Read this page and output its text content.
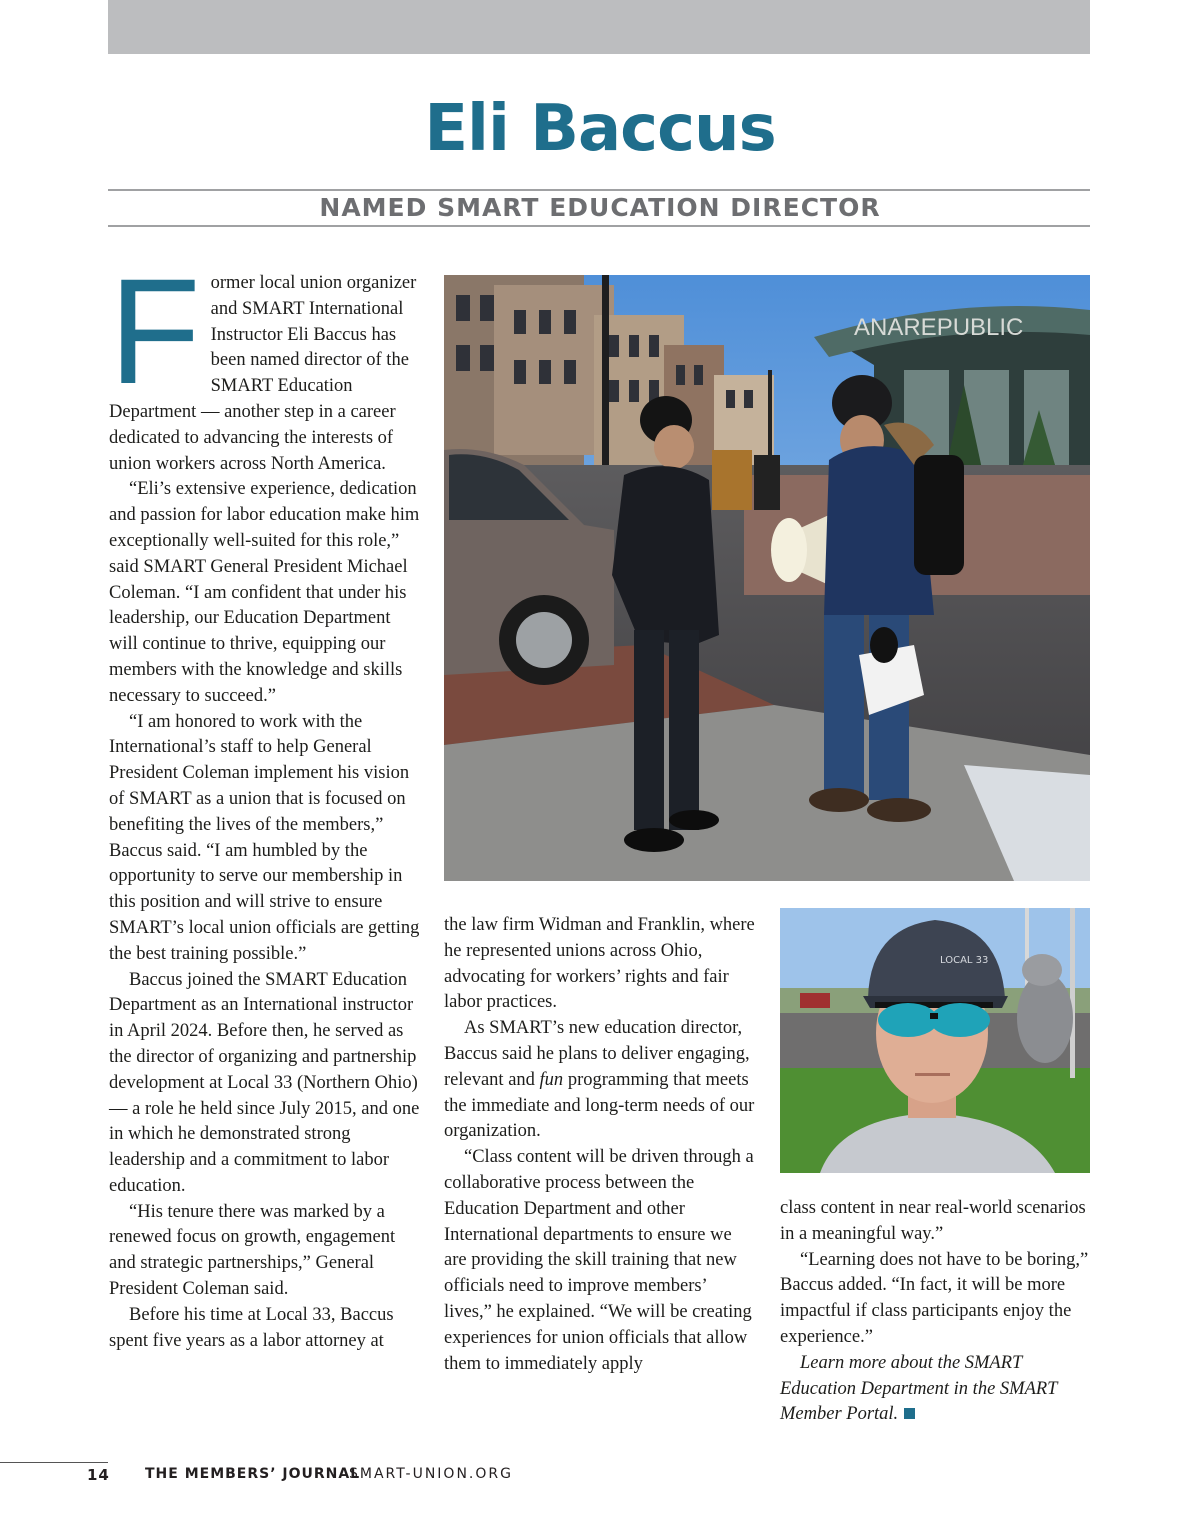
Eli Baccus
NAMED SMART EDUCATION DIRECTOR

Former local union organizer and SMART International Instructor Eli Baccus has been named director of the SMART Education Department — another step in a career dedicated to advancing the interests of union workers across North America.

“Eli’s extensive experience, dedication and passion for labor education make him exceptionally well-suited for this role,” said SMART General President Michael Coleman. “I am confident that under his leadership, our Education Department will continue to thrive, equipping our members with the knowledge and skills necessary to succeed.”

“I am honored to work with the International’s staff to help General President Coleman implement his vision of SMART as a union that is focused on benefiting the lives of the members,” Baccus said. “I am humbled by the opportunity to serve our membership in this position and will strive to ensure SMART’s local union officials are getting the best training possible.”

Baccus joined the SMART Education Department as an International instructor in April 2024. Before then, he served as the director of organizing and partnership development at Local 33 (Northern Ohio) — a role he held since July 2015, and one in which he demonstrated strong leadership and a commitment to labor education.

“His tenure there was marked by a renewed focus on growth, engagement and strategic partnerships,” General President Coleman said.

Before his time at Local 33, Baccus spent five years as a labor attorney at

ANAREPUBLIC

the law firm Widman and Franklin, where he represented unions across Ohio, advocating for workers’ rights and fair labor practices.

As SMART’s new education director, Baccus said he plans to deliver engaging, relevant and fun programming that meets the immediate and long-term needs of our organization.

“Class content will be driven through a collaborative process between the Education Department and other International departments to ensure we are providing the skill training that new officials need to improve members’ lives,” he explained. “We will be creating experiences for union officials that allow them to immediately apply

LOCAL 33

class content in near real-world scenarios in a meaningful way.”

“Learning does not have to be boring,” Baccus added. “In fact, it will be more impactful if class participants enjoy the experience.”

Learn more about the SMART Education Department in the SMART Member Portal.

14	THE MEMBERS’ JOURNAL
SMART-UNION.ORG
